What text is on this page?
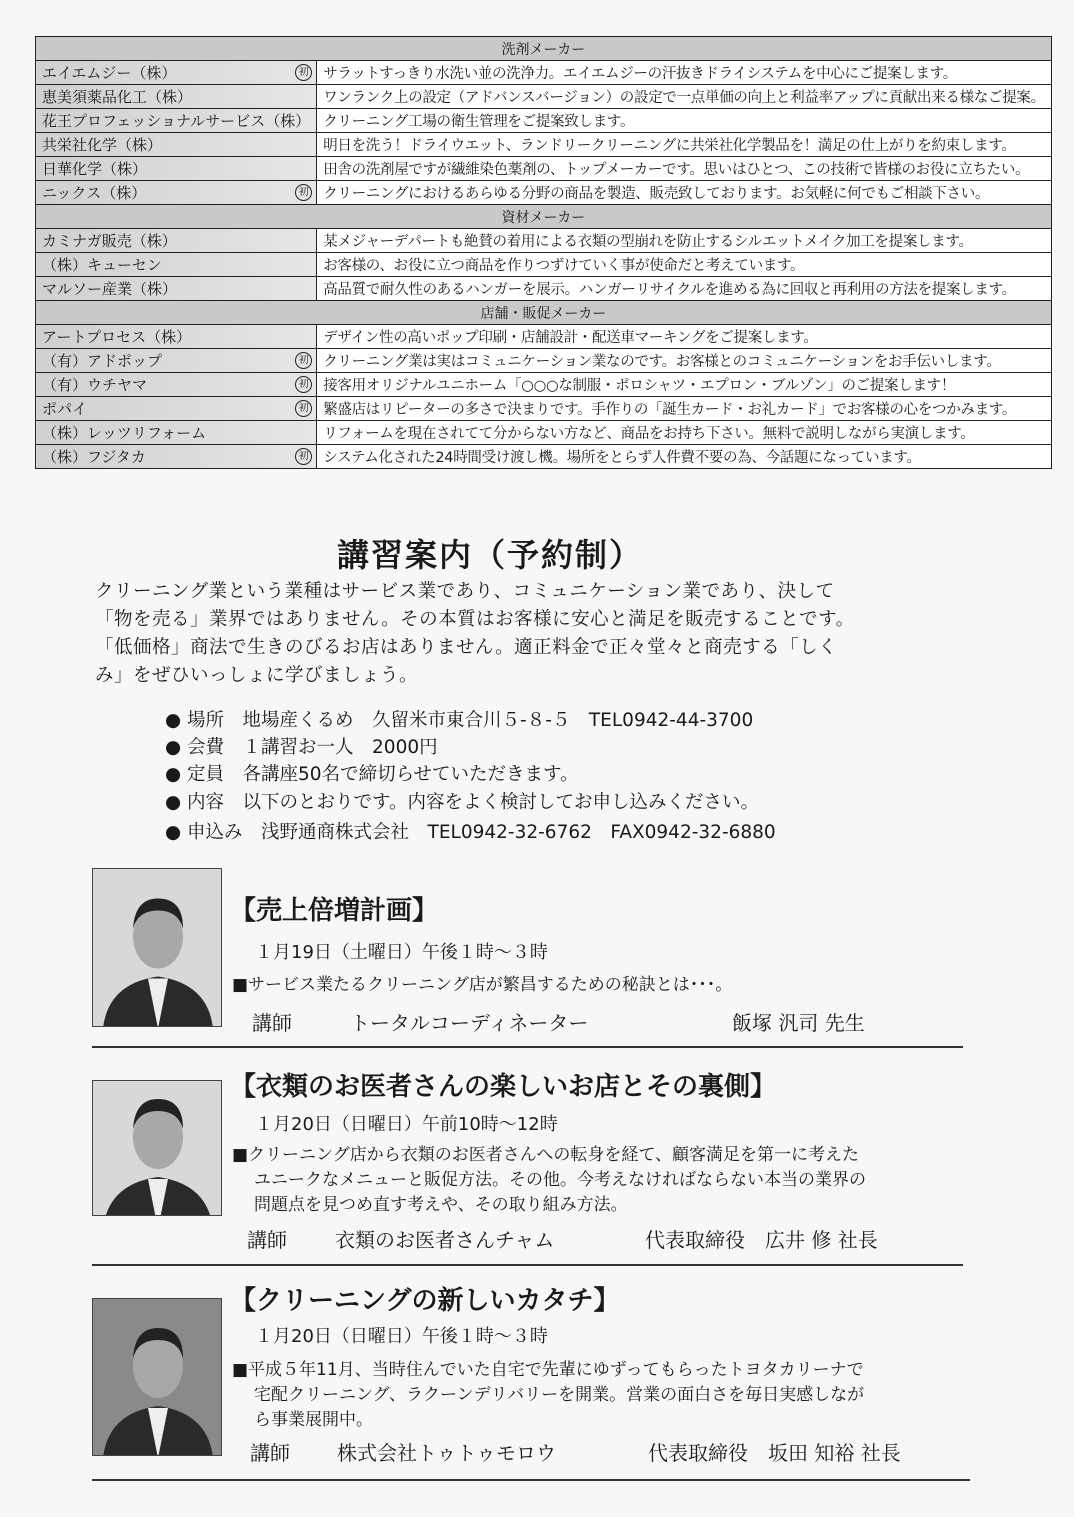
洗剤メーカー	
エイエムジー（株） 初	サラットすっきり水洗い並の洗浄力。エイエムジーの汗抜きドライシステムを中心にご提案します。
恵美須薬品化工（株）	ワンランク上の設定（アドバンスバージョン）の設定で一点単価の向上と利益率アップに貢献出来る様なご提案。
花王プロフェッショナルサービス（株）	クリーニング工場の衛生管理をご提案致します。
共栄社化学（株）	明日を洗う！ドライウエット、ランドリークリーニングに共栄社化学製品を！満足の仕上がりを約束します。
日華化学（株）	田舎の洗剤屋ですが繊維染色薬剤の、トップメーカーです。思いはひとつ、この技術で皆様のお役に立ちたい。
ニックス（株） 初	クリーニングにおけるあらゆる分野の商品を製造、販売致しております。お気軽に何でもご相談下さい。
資材メーカー	
カミナガ販売（株）	某メジャーデパートも絶賛の着用による衣類の型崩れを防止するシルエットメイク加工を提案します。
（株）キューセン	お客様の、お役に立つ商品を作りつずけていく事が使命だと考えています。
マルソー産業（株）	高品質で耐久性のあるハンガーを展示。ハンガーリサイクルを進める為に回収と再利用の方法を提案します。
店舗・販促メーカー	
アートプロセス（株）	デザイン性の高いポップ印刷・店舗設計・配送車マーキングをご提案します。
（有）アドポップ 初	クリーニング業は実はコミュニケーション業なのです。お客様とのコミュニケーションをお手伝いします。
（有）ウチヤマ 初	接客用オリジナルユニホーム「○○○な制服・ポロシャツ・エプロン・ブルゾン」のご提案します！
ポパイ 初	繁盛店はリピーターの多さで決まりです。手作りの「誕生カード・お礼カード」でお客様の心をつかみます。
（株）レッツリフォーム	リフォームを現在されてて分からない方など、商品をお持ち下さい。無料で説明しながら実演します。
（株）フジタカ 初	システム化された24時間受け渡し機。場所をとらず人件費不要の為、今話題になっています。
講習案内（予約制）
クリーニング業という業種はサービス業であり、コミュニケーション業であり、決して
「物を売る」業界ではありません。その本質はお客様に安心と満足を販売することです。
「低価格」商法で生きのびるお店はありません。適正料金で正々堂々と商売する「しく
み」をぜひいっしょに学びましょう。
● 場所　地場産くるめ　久留米市東合川５-８-５　TEL0942-44-3700
● 会費　１講習お一人　2000円
● 定員　各講座50名で締切らせていただきます。
● 内容　以下のとおりです。内容をよく検討してお申し込みください。
● 申込み　浅野通商株式会社　TEL0942-32-6762　FAX0942-32-6880
【売上倍増計画】
１月19日（土曜日）午後１時～３時
■サービス業たるクリーニング店が繁昌するための秘訣とは･･･。
講師	トータルコーディネーター	飯塚 汎司 先生
【衣類のお医者さんの楽しいお店とその裏側】
１月20日（日曜日）午前10時～12時
■クリーニング店から衣類のお医者さんへの転身を経て、顧客満足を第一に考えた
ユニークなメニューと販促方法。その他。今考えなければならない本当の業界の
問題点を見つめ直す考えや、その取り組み方法。
講師 衣類のお医者さんチャム	代表取締役　広井 修 社長
【クリーニングの新しいカタチ】
１月20日（日曜日）午後１時～３時
■平成５年11月、当時住んでいた自宅で先輩にゆずってもらったトヨタカリーナで
宅配クリーニング、ラクーンデリバリーを開業。営業の面白さを毎日実感しなが
ら事業展開中。
講師 株式会社トゥトゥモロウ	代表取締役　坂田 知裕 社長
